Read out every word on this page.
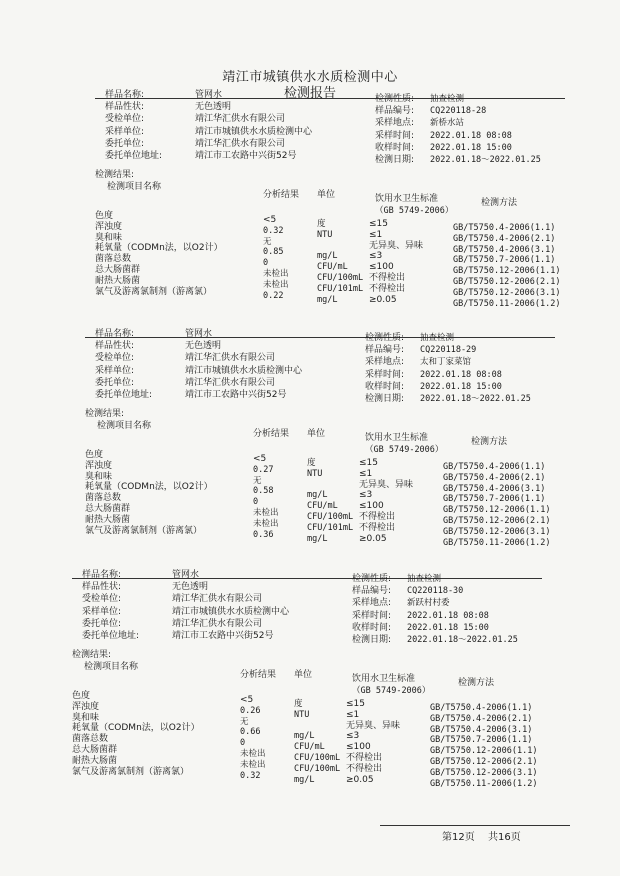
靖江市城镇供水水质检测中心
检测报告
样品名称:	管网水
样品性状:	无色透明
受检单位:	靖江华汇供水有限公司
采样单位:	靖江市城镇供水水质检测中心
委托单位:	靖江华汇供水有限公司
委托单位地址:	靖江市工农路中兴街52号
检测性质: 抽查检测
样品编号: CQ220118-28
采样地点: 新桥水站
采样时间: 2022.01.18 08:08
收样时间: 2022.01.18 15:00
检测日期: 2022.01.18～2022.01.25
检测结果:
检测项目名称
分析结果 单位	饮用水卫生标准
（GB 5749-2006）
检测方法
色度	<5	度	≤15	GB/T5750.4-2006(1.1)
浑浊度	0.32	NTU	≤1	GB/T5750.4-2006(2.1)
臭和味	无	无异臭、异味	GB/T5750.4-2006(3.1)
耗氧量（CODMn法，以O2计）	0.85	mg/L	≤3	GB/T5750.7-2006(1.1)
菌落总数	0	CFU/mL ≤100	GB/T5750.12-2006(1.1)
总大肠菌群	未检出	CFU/100mL 不得检出	GB/T5750.12-2006(2.1)
耐热大肠菌	未检出	CFU/101mL 不得检出	GB/T5750.12-2006(3.1)
氯气及游离氯制剂（游离氯）	0.22	mg/L	≥0.05	GB/T5750.11-2006(1.2)
样品名称:	管网水
样品性状:	无色透明
受检单位:	靖江华汇供水有限公司
采样单位:	靖江市城镇供水水质检测中心
委托单位:	靖江华汇供水有限公司
委托单位地址:	靖江市工农路中兴街52号
检测性质: 抽查检测
样品编号: CQ220118-29
采样地点: 太和丁家菜馆
采样时间: 2022.01.18 08:08
收样时间: 2022.01.18 15:00
检测日期: 2022.01.18～2022.01.25
检测结果:
检测项目名称
分析结果 单位	饮用水卫生标准
（GB 5749-2006）
检测方法
色度	<5	度	≤15	GB/T5750.4-2006(1.1)
浑浊度	0.27	NTU	≤1	GB/T5750.4-2006(2.1)
臭和味	无	无异臭、异味	GB/T5750.4-2006(3.1)
耗氧量（CODMn法，以O2计）	0.58	mg/L	≤3	GB/T5750.7-2006(1.1)
菌落总数	0	CFU/mL ≤100	GB/T5750.12-2006(1.1)
总大肠菌群	未检出	CFU/100mL 不得检出	GB/T5750.12-2006(2.1)
耐热大肠菌	未检出	CFU/101mL 不得检出	GB/T5750.12-2006(3.1)
氯气及游离氯制剂（游离氯）	0.36	mg/L	≥0.05	GB/T5750.11-2006(1.2)
样品名称:	管网水
样品性状:	无色透明
受检单位:	靖江华汇供水有限公司
采样单位:	靖江市城镇供水水质检测中心
委托单位:	靖江华汇供水有限公司
委托单位地址:	靖江市工农路中兴街52号
检测性质: 抽查检测
样品编号: CQ220118-30
采样地点: 新跃村村委
采样时间: 2022.01.18 08:08
收样时间: 2022.01.18 15:00
检测日期: 2022.01.18～2022.01.25
检测结果:
检测项目名称
分析结果 单位	饮用水卫生标准
（GB 5749-2006）
检测方法
色度	<5	度	≤15	GB/T5750.4-2006(1.1)
浑浊度	0.26	NTU	≤1	GB/T5750.4-2006(2.1)
臭和味	无	无异臭、异味	GB/T5750.4-2006(3.1)
耗氧量（CODMn法，以O2计）	0.66	mg/L	≤3	GB/T5750.7-2006(1.1)
菌落总数	0	CFU/mL ≤100	GB/T5750.12-2006(1.1)
总大肠菌群	未检出	CFU/100mL 不得检出	GB/T5750.12-2006(2.1)
耐热大肠菌	未检出	CFU/100mL 不得检出	GB/T5750.12-2006(3.1)
氯气及游离氯制剂（游离氯）	0.32	mg/L	≥0.05	GB/T5750.11-2006(1.2)
第12页 共16页
